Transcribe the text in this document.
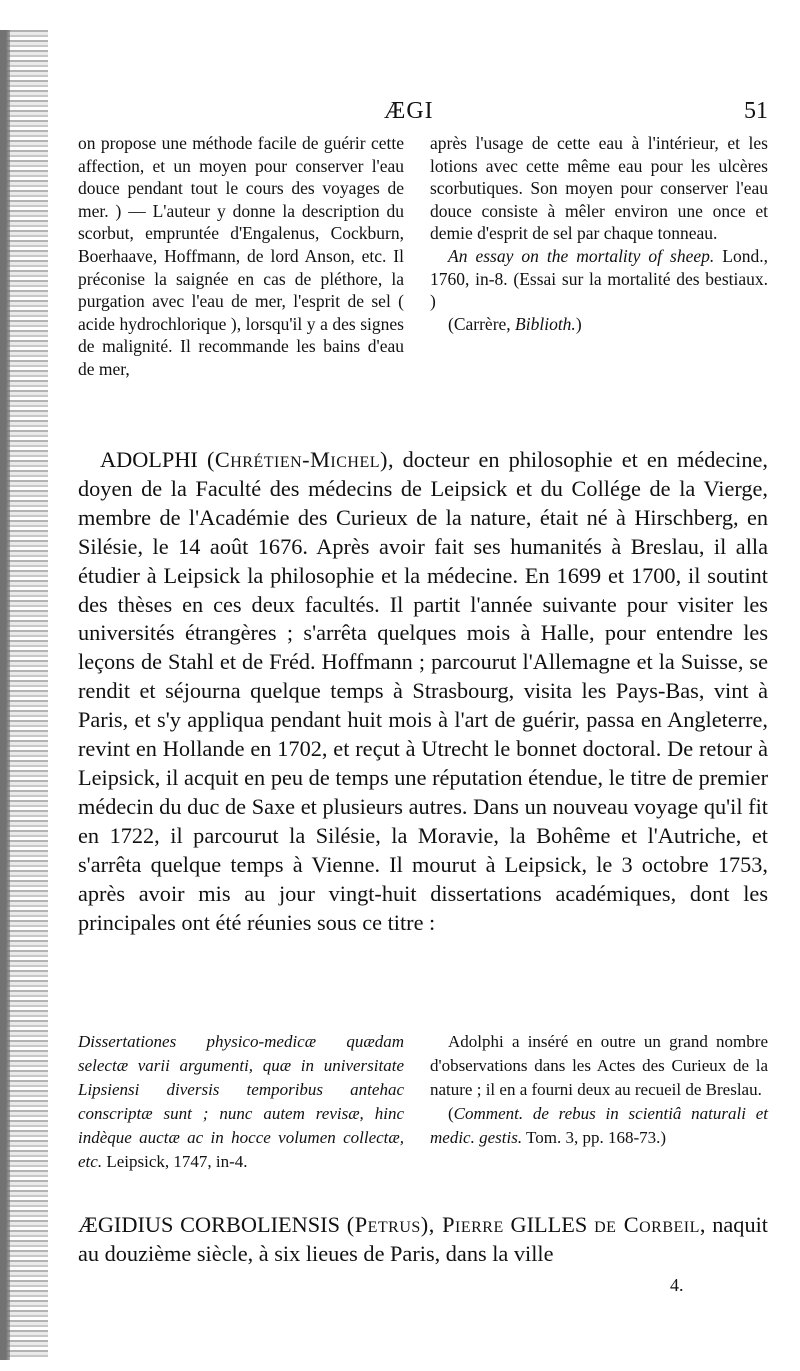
ÆGI	51

on propose une méthode facile de guérir cette affection, et un moyen pour conserver l'eau douce pendant tout le cours des voyages de mer. ) — L'auteur y donne la description du scorbut, empruntée d'Engalenus, Cockburn, Boerhaave, Hoffmann, de lord Anson, etc. Il préconise la saignée en cas de pléthore, la purgation avec l'eau de mer, l'esprit de sel ( acide hydrochlorique ), lorsqu'il y a des signes de malignité. Il recommande les bains d'eau de mer,

après l'usage de cette eau à l'intérieur, et les lotions avec cette même eau pour les ulcères scorbutiques. Son moyen pour conserver l'eau douce consiste à mêler environ une once et demie d'esprit de sel par chaque tonneau.

An essay on the mortality of sheep. Lond., 1760, in-8. (Essai sur la mortalité des bestiaux. )

(Carrère, Biblioth.)

ADOLPHI (Chrétien-Michel), docteur en philosophie et en médecine, doyen de la Faculté des médecins de Leipsick et du Collége de la Vierge, membre de l'Académie des Curieux de la nature, était né à Hirschberg, en Silésie, le 14 août 1676. Après avoir fait ses humanités à Breslau, il alla étudier à Leipsick la philosophie et la médecine. En 1699 et 1700, il soutint des thèses en ces deux facultés. Il partit l'année suivante pour visiter les universités étrangères ; s'arrêta quelques mois à Halle, pour entendre les leçons de Stahl et de Fréd. Hoffmann ; parcourut l'Allemagne et la Suisse, se rendit et séjourna quelque temps à Strasbourg, visita les Pays-Bas, vint à Paris, et s'y appliqua pendant huit mois à l'art de guérir, passa en Angleterre, revint en Hollande en 1702, et reçut à Utrecht le bonnet doctoral. De retour à Leipsick, il acquit en peu de temps une réputation étendue, le titre de premier médecin du duc de Saxe et plusieurs autres. Dans un nouveau voyage qu'il fit en 1722, il parcourut la Silésie, la Moravie, la Bohême et l'Autriche, et s'arrêta quelque temps à Vienne. Il mourut à Leipsick, le 3 octobre 1753, après avoir mis au jour vingt-huit dissertations académiques, dont les principales ont été réunies sous ce titre :

Dissertationes physico-medicæ quædam selectæ varii argumenti, quæ in universitate Lipsiensi diversis temporibus antehac conscriptæ sunt ; nunc autem revisæ, hinc indèque auctæ ac in hocce volumen collectæ, etc. Leipsick, 1747, in-4.

Adolphi a inséré en outre un grand nombre d'observations dans les Actes des Curieux de la nature ; il en a fourni deux au recueil de Breslau.

(Comment. de rebus in scientiâ naturali et medic. gestis. Tom. 3, pp. 168-73.)

ÆGIDIUS CORBOLIENSIS (Petrus), Pierre GILLES de Corbeil, naquit au douzième siècle, à six lieues de Paris, dans la ville

4.
